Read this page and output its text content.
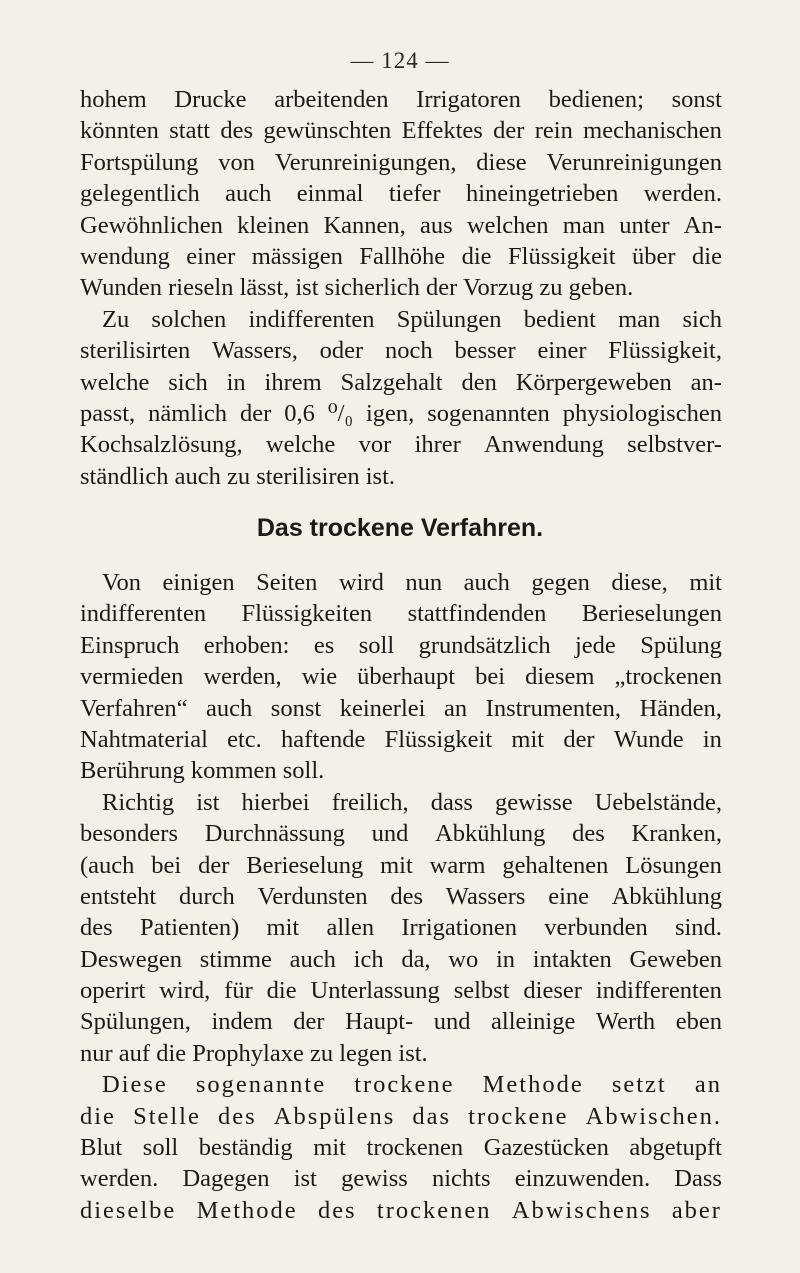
— 124 —
hohem Drucke arbeitenden Irrigatoren bedienen; sonst
könnten statt des gewünschten Effektes der rein mechanischen
Fortspülung von Verunreinigungen, diese Verunreinigungen
gelegentlich auch einmal tiefer hineingetrieben werden.
Gewöhnlichen kleinen Kannen, aus welchen man unter An-
wendung einer mässigen Fallhöhe die Flüssigkeit über die
Wunden rieseln lässt, ist sicherlich der Vorzug zu geben.
Zu solchen indifferenten Spülungen bedient man sich
sterilisirten Wassers, oder noch besser einer Flüssigkeit,
welche sich in ihrem Salzgehalt den Körpergeweben an-
passt, nämlich der 0,6 ⁰/₀ igen, sogenannten physiologischen
Kochsalzlösung, welche vor ihrer Anwendung selbstver-
ständlich auch zu sterilisiren ist.
Das trockene Verfahren.
Von einigen Seiten wird nun auch gegen diese, mit
indifferenten Flüssigkeiten stattfindenden Berieselungen
Einspruch erhoben: es soll grundsätzlich jede Spülung
vermieden werden, wie überhaupt bei diesem „trockenen
Verfahren“ auch sonst keinerlei an Instrumenten, Händen,
Nahtmaterial etc. haftende Flüssigkeit mit der Wunde in
Berührung kommen soll.
Richtig ist hierbei freilich, dass gewisse Uebelstände,
besonders Durchnässung und Abkühlung des Kranken,
(auch bei der Berieselung mit warm gehaltenen Lösungen
entsteht durch Verdunsten des Wassers eine Abkühlung
des Patienten) mit allen Irrigationen verbunden sind.
Deswegen stimme auch ich da, wo in intakten Geweben
operirt wird, für die Unterlassung selbst dieser indifferenten
Spülungen, indem der Haupt- und alleinige Werth eben
nur auf die Prophylaxe zu legen ist.
Diese sogenannte trockene Methode setzt an
die Stelle des Abspülens das trockene Abwischen.
Blut soll beständig mit trockenen Gazestücken abgetupft
werden. Dagegen ist gewiss nichts einzuwenden. Dass
dieselbe Methode des trockenen Abwischens aber
